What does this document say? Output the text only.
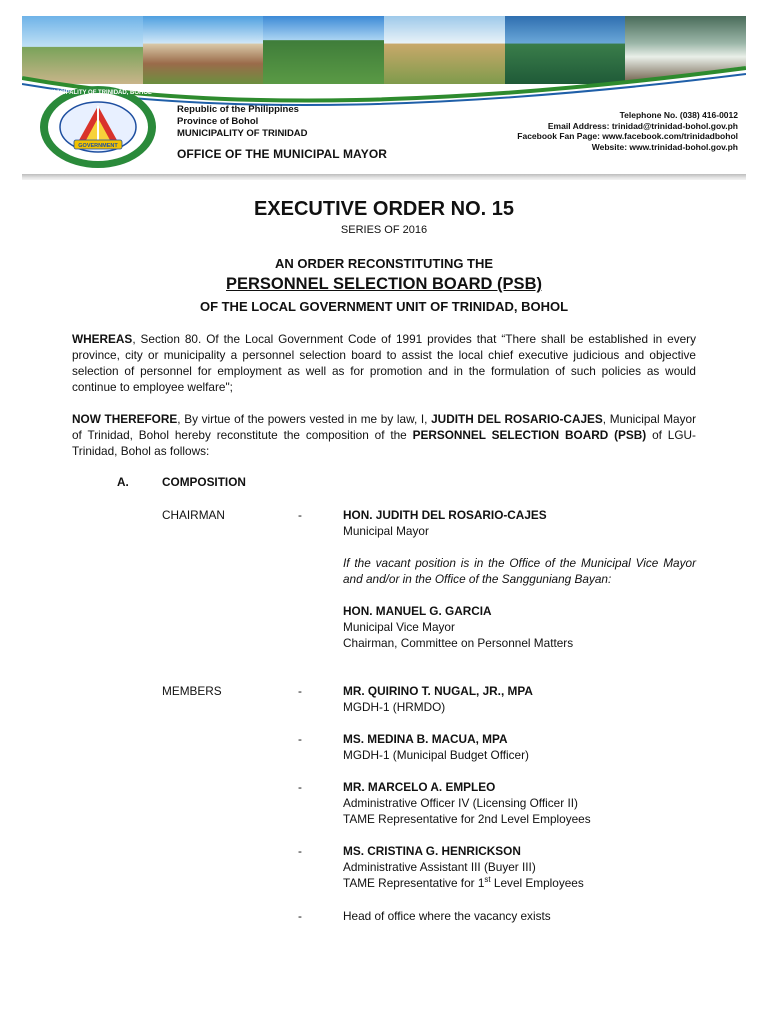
GOVERNMENT
MUNICIPALITY OF TRINIDAD, BOHOL
Republic of the Philippines
Province of Bohol
MUNICIPALITY OF TRINIDAD
OFFICE OF THE MUNICIPAL MAYOR
Telephone No. (038) 416-0012
Email Address: trinidad@trinidad-bohol.gov.ph
Facebook Fan Page: www.facebook.com/trinidadbohol
Website: www.trinidad-bohol.gov.ph
EXECUTIVE ORDER NO. 15
SERIES OF 2016
AN ORDER RECONSTITUTING THE
PERSONNEL SELECTION BOARD (PSB)
OF THE LOCAL GOVERNMENT UNIT OF TRINIDAD, BOHOL
WHEREAS, Section 80. Of the Local Government Code of 1991 provides that “There shall be established in every province, city or municipality a personnel selection board to assist the local chief executive judicious and objective selection of personnel for employment as well as for promotion and in the formulation of such policies as would continue to employee welfare";
NOW THEREFORE, By virtue of the powers vested in me by law, I, JUDITH DEL ROSARIO-CAJES, Municipal Mayor of Trinidad, Bohol hereby reconstitute the composition of the PERSONNEL SELECTION BOARD (PSB) of LGU-Trinidad, Bohol as follows:
A.	COMPOSITION
CHAIRMAN	-	HON. JUDITH DEL ROSARIO-CAJES
Municipal Mayor
If the vacant position is in the Office of the Municipal Vice Mayor and and/or in the Office of the Sangguniang Bayan:
HON. MANUEL G. GARCIA
Municipal Vice Mayor
Chairman, Committee on Personnel Matters
MEMBERS	-	MR. QUIRINO T. NUGAL, JR., MPA
MGDH-1 (HRMDO)
-	MS. MEDINA B. MACUA, MPA
MGDH-1 (Municipal Budget Officer)
-	MR. MARCELO A. EMPLEO
Administrative Officer IV (Licensing Officer II)
TAME Representative for 2nd Level Employees
-	MS. CRISTINA G. HENRICKSON
Administrative Assistant III (Buyer III)
TAME Representative for 1st Level Employees
-	Head of office where the vacancy exists
